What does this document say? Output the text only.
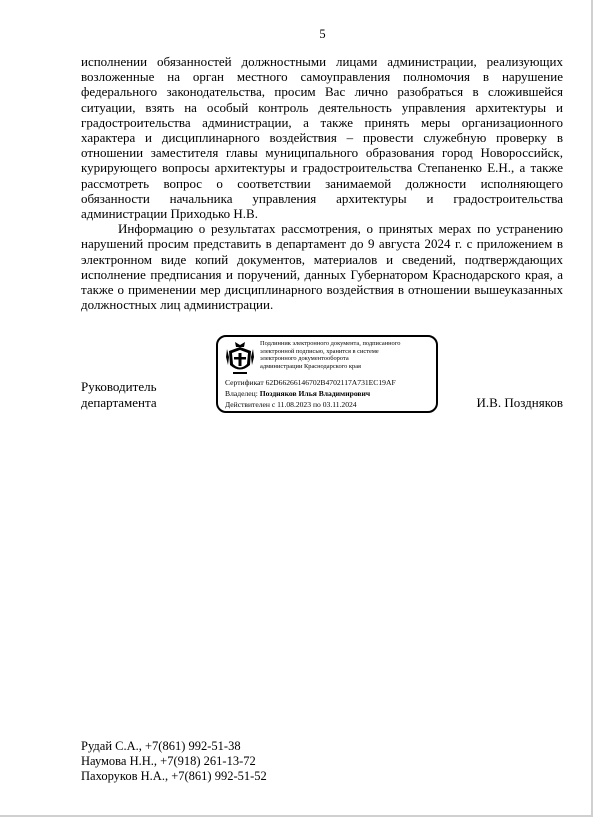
5

исполнении обязанностей должностными лицами администрации, реализующих возложенные на орган местного самоуправления полномочия в нарушение федерального законодательства, просим Вас лично разобраться в сложившейся ситуации, взять на особый контроль деятельность управления архитектуры и градостроительства администрации, а также принять меры организационного характера и дисциплинарного воздействия – провести служебную проверку в отношении заместителя главы муниципального образования город Новороссийск, курирующего вопросы архитектуры и градостроительства Степаненко Е.Н., а также рассмотреть вопрос о соответствии занимаемой должности исполняющего обязанности начальника управления архитектуры и градостроительства администрации Приходько Н.В.

Информацию о результатах рассмотрения, о принятых мерах по устранению нарушений просим представить в департамент до 9 августа 2024 г. с приложением в электронном виде копий документов, материалов и сведений, подтверждающих исполнение предписания и поручений, данных Губернатором Краснодарского края, а также о применении мер дисциплинарного воздействия в отношении вышеуказанных должностных лиц администрации.

Руководитель
департамента
Подлинник электронного документа, подписанного
электронной подписью, хранится в системе
электронного документооборота
администрации Краснодарского края
Сертификат 62D66266146702B4702117A731EC19AF
Владелец: Поздняков Илья Владимирович
Действителен с 11.08.2023 по 03.11.2024	И.В. Поздняков
Рудай С.А., +7(861) 992-51-38
Наумова Н.Н., +7(918) 261-13-72
Пахоруков Н.А., +7(861) 992-51-52
